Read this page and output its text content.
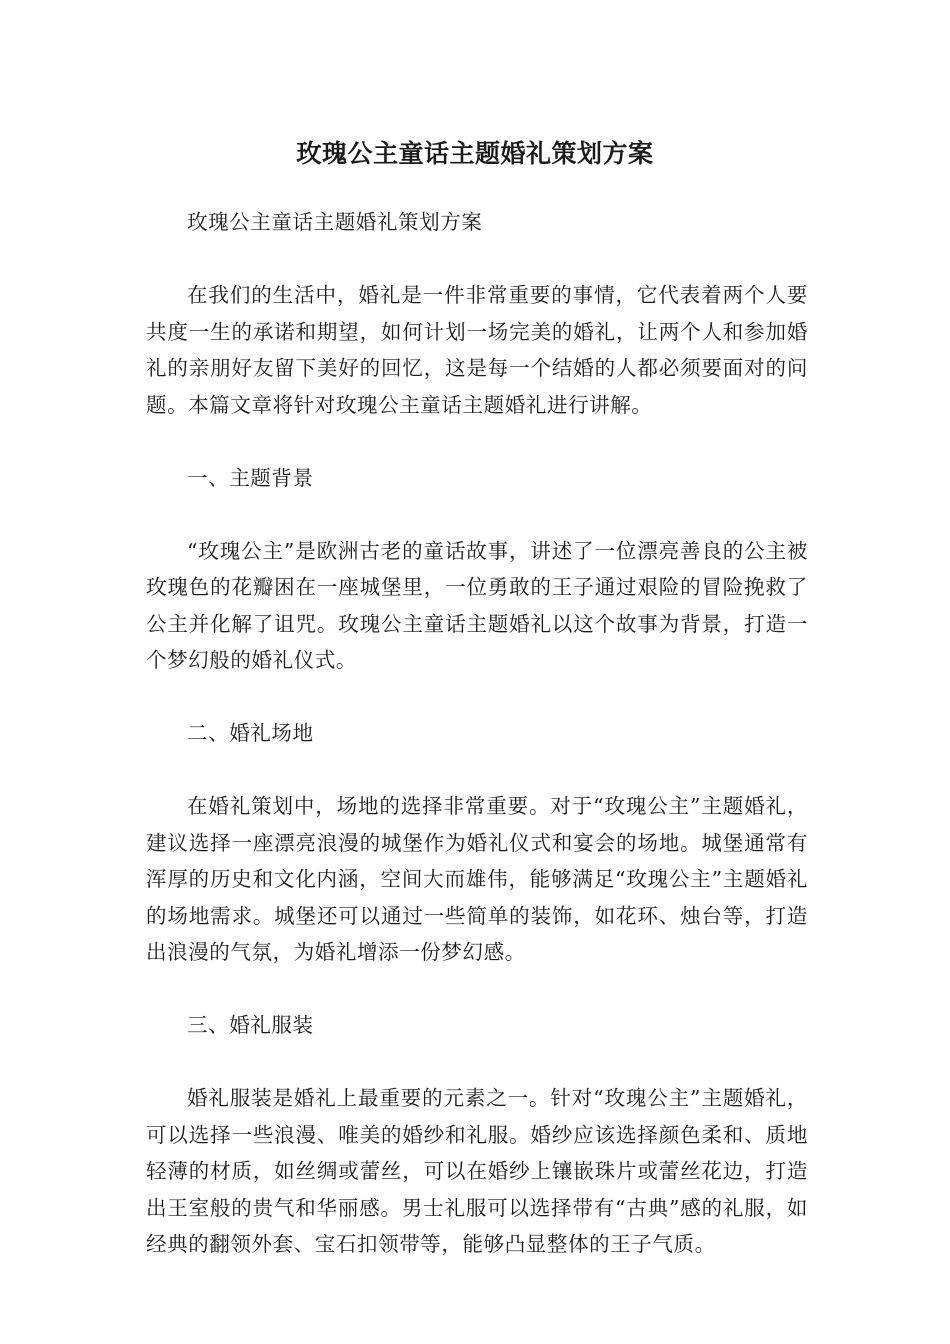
玫瑰公主童话主题婚礼策划方案

玫瑰公主童话主题婚礼策划方案

在我们的生活中，婚礼是一件非常重要的事情，它代表着两个人要共度一生的承诺和期望，如何计划一场完美的婚礼，让两个人和参加婚礼的亲朋好友留下美好的回忆，这是每一个结婚的人都必须要面对的问题。本篇文章将针对玫瑰公主童话主题婚礼进行讲解。

一、主题背景

“玫瑰公主”是欧洲古老的童话故事，讲述了一位漂亮善良的公主被玫瑰色的花瓣困在一座城堡里，一位勇敢的王子通过艰险的冒险挽救了公主并化解了诅咒。玫瑰公主童话主题婚礼以这个故事为背景，打造一个梦幻般的婚礼仪式。

二、婚礼场地

在婚礼策划中，场地的选择非常重要。对于“玫瑰公主”主题婚礼，建议选择一座漂亮浪漫的城堡作为婚礼仪式和宴会的场地。城堡通常有浑厚的历史和文化内涵，空间大而雄伟，能够满足“玫瑰公主”主题婚礼的场地需求。城堡还可以通过一些简单的装饰，如花环、烛台等，打造出浪漫的气氛，为婚礼增添一份梦幻感。

三、婚礼服装

婚礼服装是婚礼上最重要的元素之一。针对“玫瑰公主”主题婚礼，可以选择一些浪漫、唯美的婚纱和礼服。婚纱应该选择颜色柔和、质地轻薄的材质，如丝绸或蕾丝，可以在婚纱上镶嵌珠片或蕾丝花边，打造出王室般的贵气和华丽感。男士礼服可以选择带有“古典”感的礼服，如经典的翻领外套、宝石扣领带等，能够凸显整体的王子气质。
